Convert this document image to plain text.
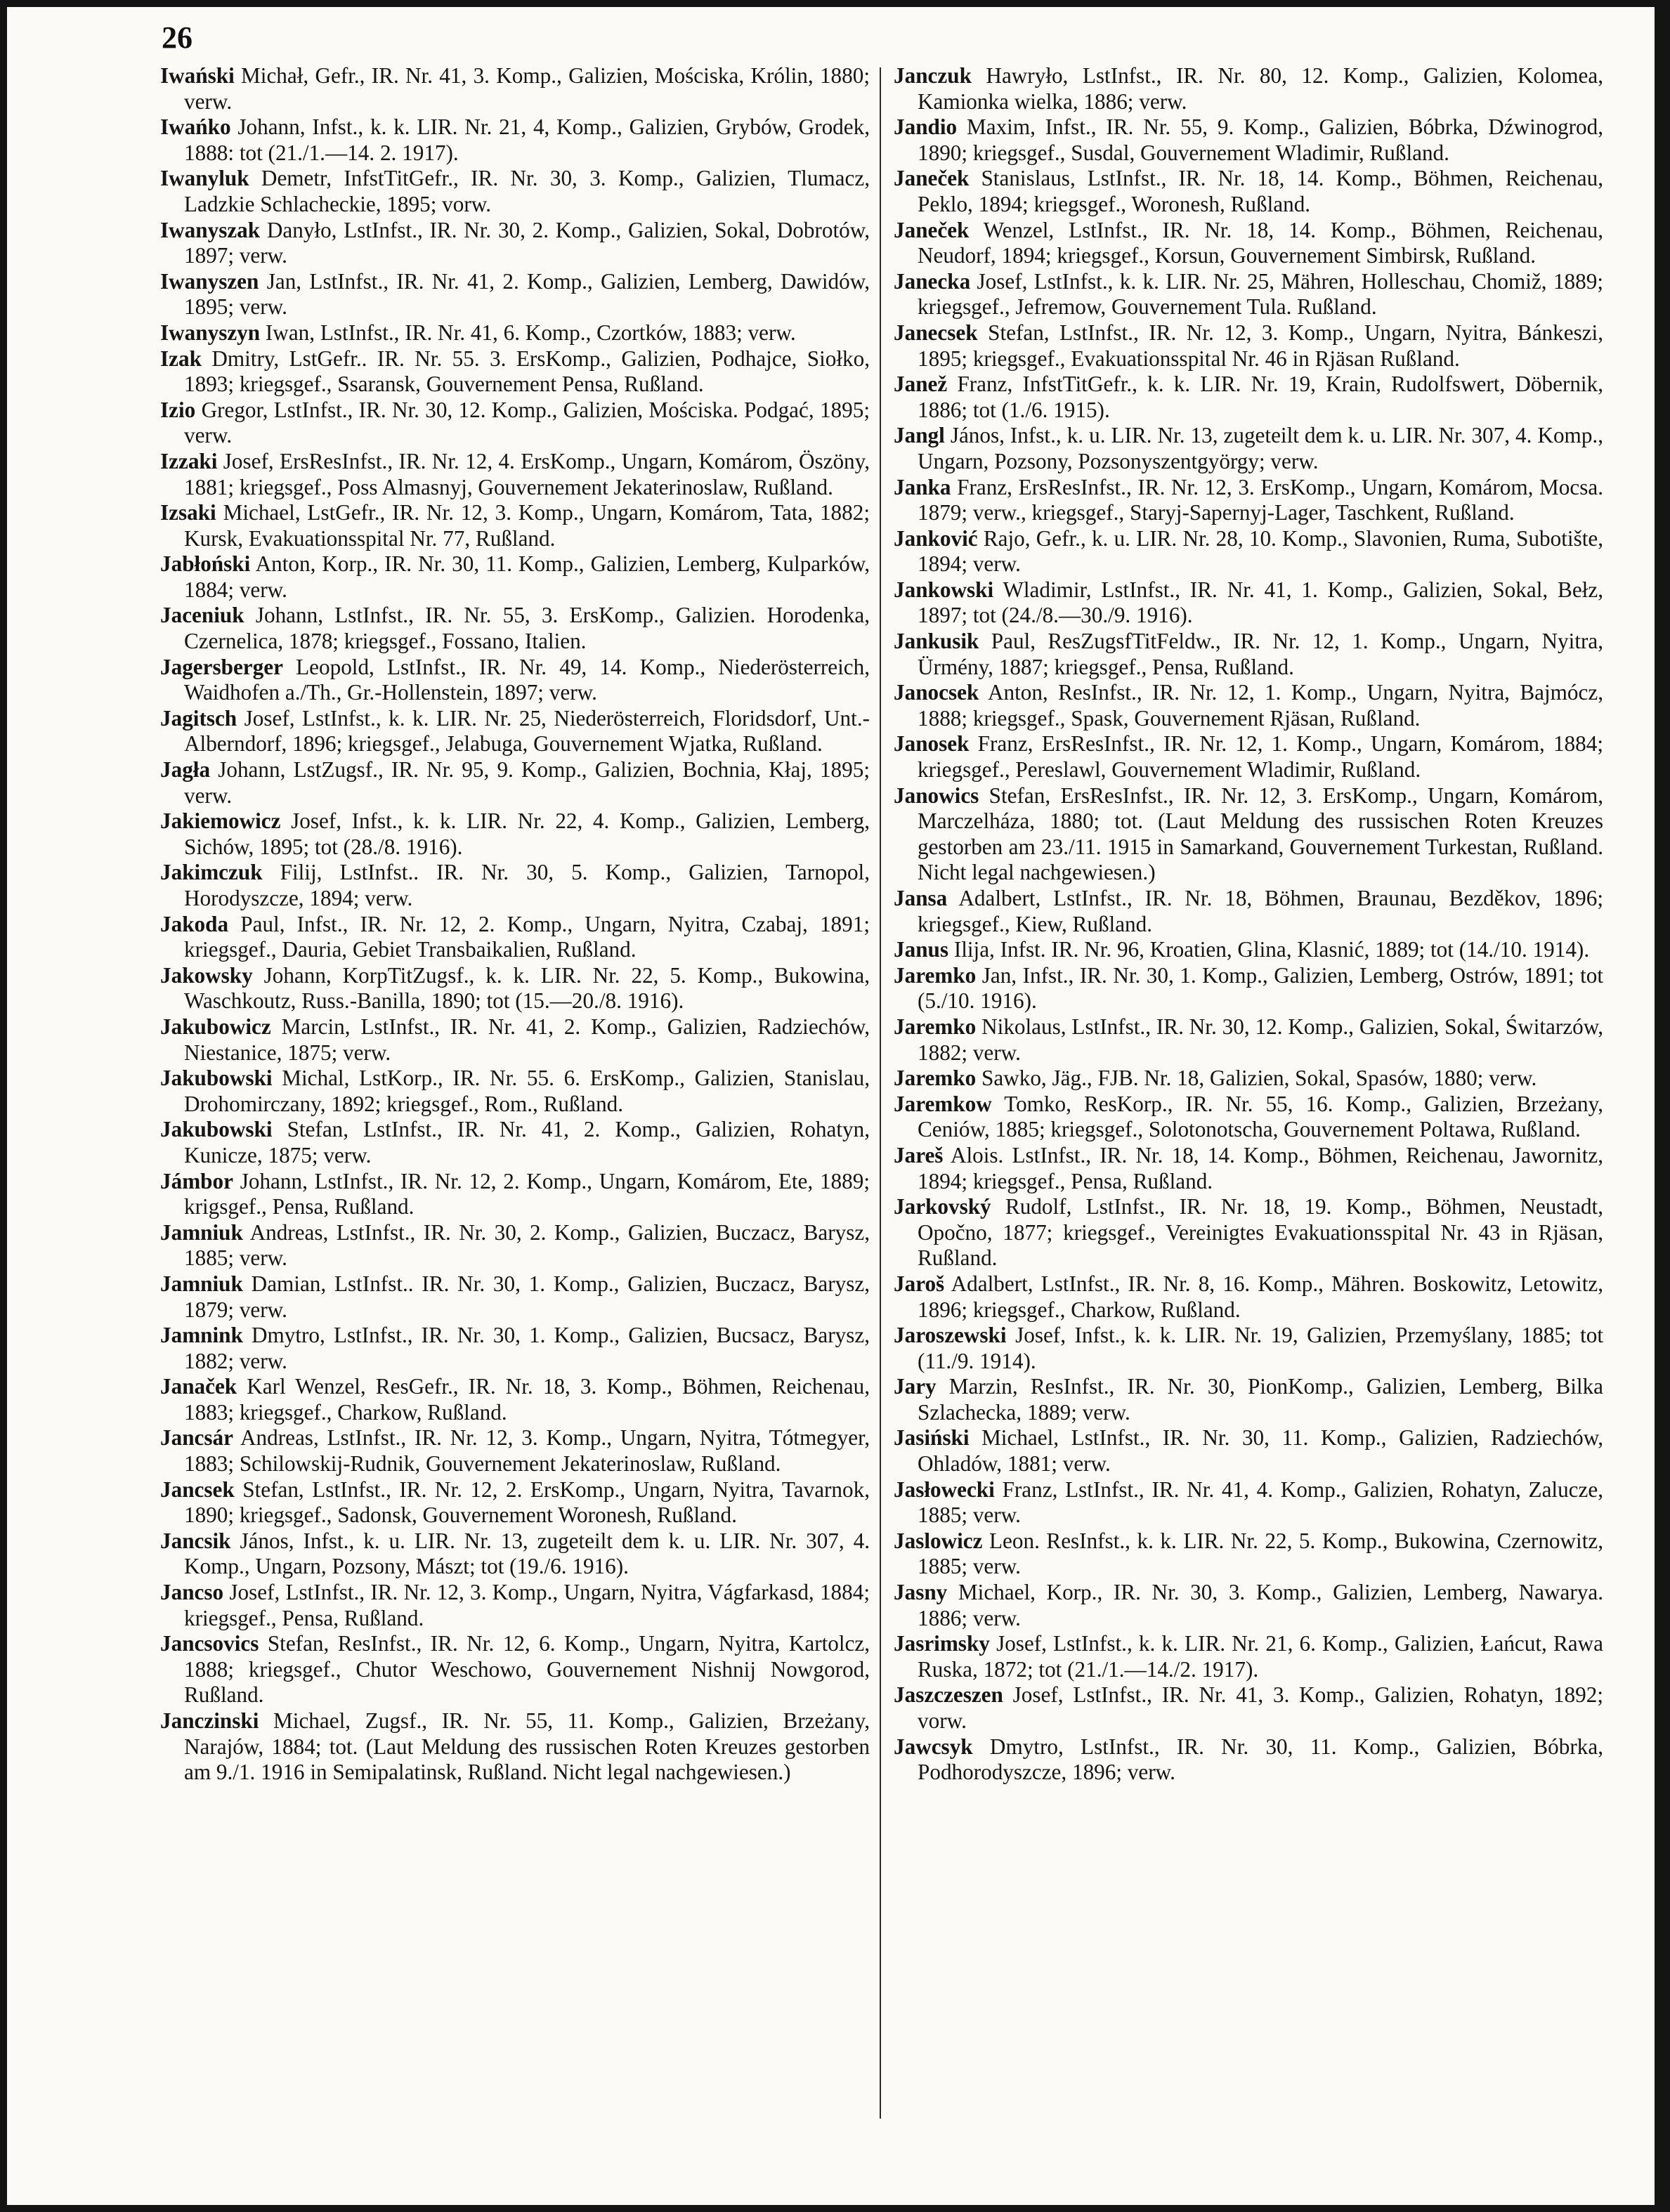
26

Iwański Michał, Gefr., IR. Nr. 41, 3. Komp., Galizien, Mościska, Królin, 1880; verw.

Iwańko Johann, Infst., k. k. LIR. Nr. 21, 4, Komp., Galizien, Grybów, Grodek, 1888: tot (21./1.—14. 2. 1917).

Iwanyluk Demetr, InfstTitGefr., IR. Nr. 30, 3. Komp., Galizien, Tlumacz, Ladzkie Schlacheckie, 1895; vorw.

Iwanyszak Danyło, LstInfst., IR. Nr. 30, 2. Komp., Galizien, Sokal, Dobrotów, 1897; verw.

Iwanyszen Jan, LstInfst., IR. Nr. 41, 2. Komp., Galizien, Lemberg, Dawidów, 1895; verw.

Iwanyszyn Iwan, LstInfst., IR. Nr. 41, 6. Komp., Czortków, 1883; verw.

Izak Dmitry, LstGefr.. IR. Nr. 55. 3. ErsKomp., Galizien, Podhajce, Siołko, 1893; kriegsgef., Ssaransk, Gouvernement Pensa, Rußland.

Izio Gregor, LstInfst., IR. Nr. 30, 12. Komp., Galizien, Mościska. Podgać, 1895; verw.

Izzaki Josef, ErsResInfst., IR. Nr. 12, 4. ErsKomp., Ungarn, Komárom, Öszöny, 1881; kriegsgef., Poss Almasnyj, Gouvernement Jekaterinoslaw, Rußland.

Izsaki Michael, LstGefr., IR. Nr. 12, 3. Komp., Ungarn, Komárom, Tata, 1882; Kursk, Evakuationsspital Nr. 77, Rußland.

Jabłoński Anton, Korp., IR. Nr. 30, 11. Komp., Galizien, Lemberg, Kulparków, 1884; verw.

Jaceniuk Johann, LstInfst., IR. Nr. 55, 3. ErsKomp., Galizien. Horodenka, Czernelica, 1878; kriegsgef., Fossano, Italien.

Jagersberger Leopold, LstInfst., IR. Nr. 49, 14. Komp., Niederösterreich, Waidhofen a./Th., Gr.-Hollenstein, 1897; verw.

Jagitsch Josef, LstInfst., k. k. LIR. Nr. 25, Niederösterreich, Floridsdorf, Unt.-Alberndorf, 1896; kriegsgef., Jelabuga, Gouvernement Wjatka, Rußland.

Jagła Johann, LstZugsf., IR. Nr. 95, 9. Komp., Galizien, Bochnia, Kłaj, 1895; verw.

Jakiemowicz Josef, Infst., k. k. LIR. Nr. 22, 4. Komp., Galizien, Lemberg, Sichów, 1895; tot (28./8. 1916).

Jakimczuk Filij, LstInfst.. IR. Nr. 30, 5. Komp., Galizien, Tarnopol, Horodyszcze, 1894; verw.

Jakoda Paul, Infst., IR. Nr. 12, 2. Komp., Ungarn, Nyitra, Czabaj, 1891; kriegsgef., Dauria, Gebiet Transbaikalien, Rußland.

Jakowsky Johann, KorpTitZugsf., k. k. LIR. Nr. 22, 5. Komp., Bukowina, Waschkoutz, Russ.-Banilla, 1890; tot (15.—20./8. 1916).

Jakubowicz Marcin, LstInfst., IR. Nr. 41, 2. Komp., Galizien, Radziechów, Niestanice, 1875; verw.

Jakubowski Michal, LstKorp., IR. Nr. 55. 6. ErsKomp., Galizien, Stanislau, Drohomirczany, 1892; kriegsgef., Rom., Rußland.

Jakubowski Stefan, LstInfst., IR. Nr. 41, 2. Komp., Galizien, Rohatyn, Kunicze, 1875; verw.

Jámbor Johann, LstInfst., IR. Nr. 12, 2. Komp., Ungarn, Komárom, Ete, 1889; krigsgef., Pensa, Rußland.

Jamniuk Andreas, LstInfst., IR. Nr. 30, 2. Komp., Galizien, Buczacz, Barysz, 1885; verw.

Jamniuk Damian, LstInfst.. IR. Nr. 30, 1. Komp., Galizien, Buczacz, Barysz, 1879; verw.

Jamnink Dmytro, LstInfst., IR. Nr. 30, 1. Komp., Galizien, Bucsacz, Barysz, 1882; verw.

Janaček Karl Wenzel, ResGefr., IR. Nr. 18, 3. Komp., Böhmen, Reichenau, 1883; kriegsgef., Charkow, Rußland.

Jancsár Andreas, LstInfst., IR. Nr. 12, 3. Komp., Ungarn, Nyitra, Tótmegyer, 1883; Schilowskij-Rudnik, Gouvernement Jekaterinoslaw, Rußland.

Jancsek Stefan, LstInfst., IR. Nr. 12, 2. ErsKomp., Ungarn, Nyitra, Tavarnok, 1890; kriegsgef., Sadonsk, Gouvernement Woronesh, Rußland.

Jancsik János, Infst., k. u. LIR. Nr. 13, zugeteilt dem k. u. LIR. Nr. 307, 4. Komp., Ungarn, Pozsony, Mászt; tot (19./6. 1916).

Jancso Josef, LstInfst., IR. Nr. 12, 3. Komp., Ungarn, Nyitra, Vágfarkasd, 1884; kriegsgef., Pensa, Rußland.

Jancsovics Stefan, ResInfst., IR. Nr. 12, 6. Komp., Ungarn, Nyitra, Kartolcz, 1888; kriegsgef., Chutor Weschowo, Gouvernement Nishnij Nowgorod, Rußland.

Janczinski Michael, Zugsf., IR. Nr. 55, 11. Komp., Galizien, Brzeżany, Narajów, 1884; tot. (Laut Meldung des russischen Roten Kreuzes gestorben am 9./1. 1916 in Semipalatinsk, Rußland. Nicht legal nachgewiesen.)

Janczuk Hawryło, LstInfst., IR. Nr. 80, 12. Komp., Galizien, Kolomea, Kamionka wielka, 1886; verw.

Jandio Maxim, Infst., IR. Nr. 55, 9. Komp., Galizien, Bóbrka, Dźwinogrod, 1890; kriegsgef., Susdal, Gouvernement Wladimir, Rußland.

Janeček Stanislaus, LstInfst., IR. Nr. 18, 14. Komp., Böhmen, Reichenau, Peklo, 1894; kriegsgef., Woronesh, Rußland.

Janeček Wenzel, LstInfst., IR. Nr. 18, 14. Komp., Böhmen, Reichenau, Neudorf, 1894; kriegsgef., Korsun, Gouvernement Simbirsk, Rußland.

Janecka Josef, LstInfst., k. k. LIR. Nr. 25, Mähren, Holleschau, Chomiž, 1889; kriegsgef., Jefremow, Gouvernement Tula. Rußland.

Janecsek Stefan, LstInfst., IR. Nr. 12, 3. Komp., Ungarn, Nyitra, Bánkeszi, 1895; kriegsgef., Evakuationsspital Nr. 46 in Rjäsan Rußland.

Janež Franz, InfstTitGefr., k. k. LIR. Nr. 19, Krain, Rudolfswert, Döbernik, 1886; tot (1./6. 1915).

Jangl János, Infst., k. u. LIR. Nr. 13, zugeteilt dem k. u. LIR. Nr. 307, 4. Komp., Ungarn, Pozsony, Pozsonyszentgyörgy; verw.

Janka Franz, ErsResInfst., IR. Nr. 12, 3. ErsKomp., Ungarn, Komárom, Mocsa. 1879; verw., kriegsgef., Staryj-Sapernyj-Lager, Taschkent, Rußland.

Janković Rajo, Gefr., k. u. LIR. Nr. 28, 10. Komp., Slavonien, Ruma, Subotište, 1894; verw.

Jankowski Wladimir, LstInfst., IR. Nr. 41, 1. Komp., Galizien, Sokal, Bełz, 1897; tot (24./8.—30./9. 1916).

Jankusik Paul, ResZugsfTitFeldw., IR. Nr. 12, 1. Komp., Ungarn, Nyitra, Ürmény, 1887; kriegsgef., Pensa, Rußland.

Janocsek Anton, ResInfst., IR. Nr. 12, 1. Komp., Ungarn, Nyitra, Bajmócz, 1888; kriegsgef., Spask, Gouvernement Rjäsan, Rußland.

Janosek Franz, ErsResInfst., IR. Nr. 12, 1. Komp., Ungarn, Komárom, 1884; kriegsgef., Pereslawl, Gouvernement Wladimir, Rußland.

Janowics Stefan, ErsResInfst., IR. Nr. 12, 3. ErsKomp., Ungarn, Komárom, Marczelháza, 1880; tot. (Laut Meldung des russischen Roten Kreuzes gestorben am 23./11. 1915 in Samarkand, Gouvernement Turkestan, Rußland. Nicht legal nachgewiesen.)

Jansa Adalbert, LstInfst., IR. Nr. 18, Böhmen, Braunau, Bezděkov, 1896; kriegsgef., Kiew, Rußland.

Janus Ilija, Infst. IR. Nr. 96, Kroatien, Glina, Klasnić, 1889; tot (14./10. 1914).

Jaremko Jan, Infst., IR. Nr. 30, 1. Komp., Galizien, Lemberg, Ostrów, 1891; tot (5./10. 1916).

Jaremko Nikolaus, LstInfst., IR. Nr. 30, 12. Komp., Galizien, Sokal, Świtarzów, 1882; verw.

Jaremko Sawko, Jäg., FJB. Nr. 18, Galizien, Sokal, Spasów, 1880; verw.

Jaremkow Tomko, ResKorp., IR. Nr. 55, 16. Komp., Galizien, Brzeżany, Ceniów, 1885; kriegsgef., Solotonotscha, Gouvernement Poltawa, Rußland.

Jareš Alois. LstInfst., IR. Nr. 18, 14. Komp., Böhmen, Reichenau, Jawornitz, 1894; kriegsgef., Pensa, Rußland.

Jarkovský Rudolf, LstInfst., IR. Nr. 18, 19. Komp., Böhmen, Neustadt, Opočno, 1877; kriegsgef., Vereinigtes Evakuationsspital Nr. 43 in Rjäsan, Rußland.

Jaroš Adalbert, LstInfst., IR. Nr. 8, 16. Komp., Mähren. Boskowitz, Letowitz, 1896; kriegsgef., Charkow, Rußland.

Jaroszewski Josef, Infst., k. k. LIR. Nr. 19, Galizien, Przemyślany, 1885; tot (11./9. 1914).

Jary Marzin, ResInfst., IR. Nr. 30, PionKomp., Galizien, Lemberg, Bilka Szlachecka, 1889; verw.

Jasiński Michael, LstInfst., IR. Nr. 30, 11. Komp., Galizien, Radziechów, Ohladów, 1881; verw.

Jasłowecki Franz, LstInfst., IR. Nr. 41, 4. Komp., Galizien, Rohatyn, Zalucze, 1885; verw.

Jaslowicz Leon. ResInfst., k. k. LIR. Nr. 22, 5. Komp., Bukowina, Czernowitz, 1885; verw.

Jasny Michael, Korp., IR. Nr. 30, 3. Komp., Galizien, Lemberg, Nawarya. 1886; verw.

Jasrimsky Josef, LstInfst., k. k. LIR. Nr. 21, 6. Komp., Galizien, Łańcut, Rawa Ruska, 1872; tot (21./1.—14./2. 1917).

Jaszczeszen Josef, LstInfst., IR. Nr. 41, 3. Komp., Galizien, Rohatyn, 1892; vorw.

Jawcsyk Dmytro, LstInfst., IR. Nr. 30, 11. Komp., Galizien, Bóbrka, Podhorodyszcze, 1896; verw.
